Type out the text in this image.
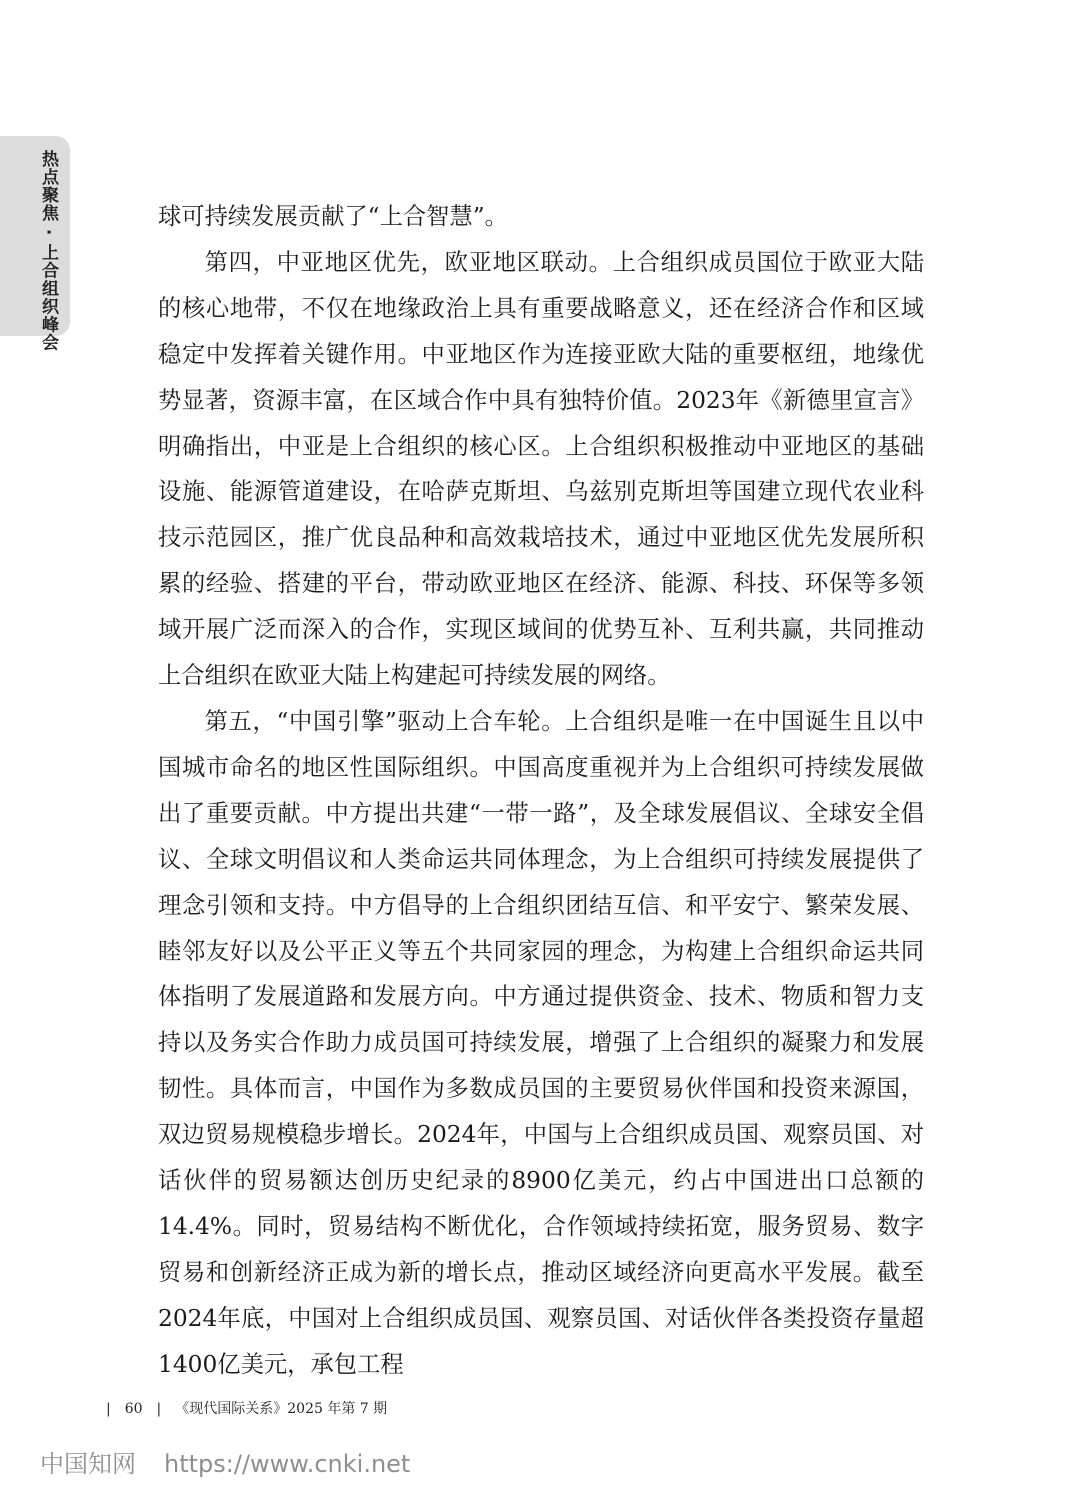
热点聚焦 · 上合组织峰会	球可持续发展贡献了“上合智慧”。

第四，中亚地区优先，欧亚地区联动。上合组织成员国位于欧亚大陆的核心地带，不仅在地缘政治上具有重要战略意义，还在经济合作和区域稳定中发挥着关键作用。中亚地区作为连接亚欧大陆的重要枢纽，地缘优势显著，资源丰富，在区域合作中具有独特价值。2023年《新德里宣言》明确指出，中亚是上合组织的核心区。上合组织积极推动中亚地区的基础设施、能源管道建设，在哈萨克斯坦、乌兹别克斯坦等国建立现代农业科技示范园区，推广优良品种和高效栽培技术，通过中亚地区优先发展所积累的经验、搭建的平台，带动欧亚地区在经济、能源、科技、环保等多领域开展广泛而深入的合作，实现区域间的优势互补、互利共赢，共同推动上合组织在欧亚大陆上构建起可持续发展的网络。

第五，“中国引擎”驱动上合车轮。上合组织是唯一在中国诞生且以中国城市命名的地区性国际组织。中国高度重视并为上合组织可持续发展做出了重要贡献。中方提出共建“一带一路”，及全球发展倡议、全球安全倡议、全球文明倡议和人类命运共同体理念，为上合组织可持续发展提供了理念引领和支持。中方倡导的上合组织团结互信、和平安宁、繁荣发展、睦邻友好以及公平正义等五个共同家园的理念，为构建上合组织命运共同体指明了发展道路和发展方向。中方通过提供资金、技术、物质和智力支持以及务实合作助力成员国可持续发展，增强了上合组织的凝聚力和发展韧性。具体而言，中国作为多数成员国的主要贸易伙伴国和投资来源国，双边贸易规模稳步增长。2024年，中国与上合组织成员国、观察员国、对话伙伴的贸易额达创历史纪录的8900亿美元，约占中国进出口总额的14.4%。同时，贸易结构不断优化，合作领域持续拓宽，服务贸易、数字贸易和创新经济正成为新的增长点，推动区域经济向更高水平发展。截至2024年底，中国对上合组织成员国、观察员国、对话伙伴各类投资存量超1400亿美元，承包工程

| 60 | 《现代国际关系》2025 年第 7 期
中国知网 https://www.cnki.net
